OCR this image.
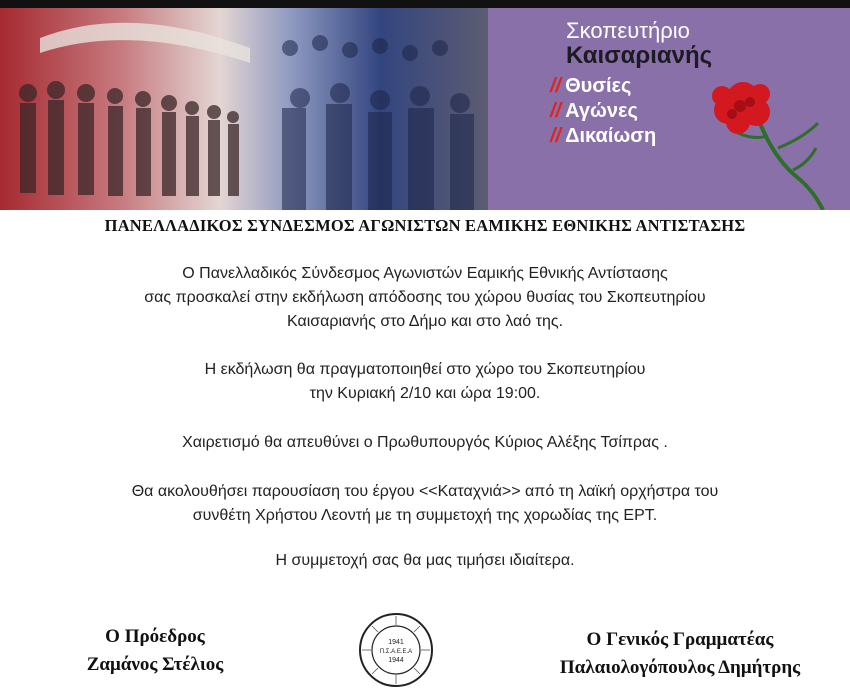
Σκοπευτήριο
Καισαριανής
// Θυσίες
// Αγώνες
// Δικαίωση
ΠΑΝΕΛΛΑΔΙΚΟΣ ΣΥΝΔΕΣΜΟΣ ΑΓΩΝΙΣΤΩΝ ΕΑΜΙΚΗΣ ΕΘΝΙΚΗΣ ΑΝΤΙΣΤΑΣΗΣ
Ο Πανελλαδικός Σύνδεσμος Αγωνιστών Εαμικής Εθνικής Αντίστασης
σας προσκαλεί στην εκδήλωση απόδοσης του χώρου θυσίας του Σκοπευτηρίου
Καισαριανής στο Δήμο και στο λαό της.
Η εκδήλωση θα πραγματοποιηθεί στο χώρο του Σκοπευτηρίου
την Κυριακή 2/10 και ώρα 19:00.
Χαιρετισμό θα απευθύνει ο Πρωθυπουργός Κύριος Αλέξης Τσίπρας .
Θα ακολουθήσει παρουσίαση του έργου <<Καταχνιά>> από τη λαϊκή ορχήστρα του
συνθέτη Χρήστου Λεοντή με τη συμμετοχή της χορωδίας της ΕΡΤ.
Η συμμετοχή σας θα μας τιμήσει ιδιαίτερα.
Ο Πρόεδρος
Ζαμάνος Στέλιος
1941
Π.Σ.Α.Ε.Ε.Α
1944
Ο Γενικός Γραμματέας
Παλαιολογόπουλος Δημήτρης
